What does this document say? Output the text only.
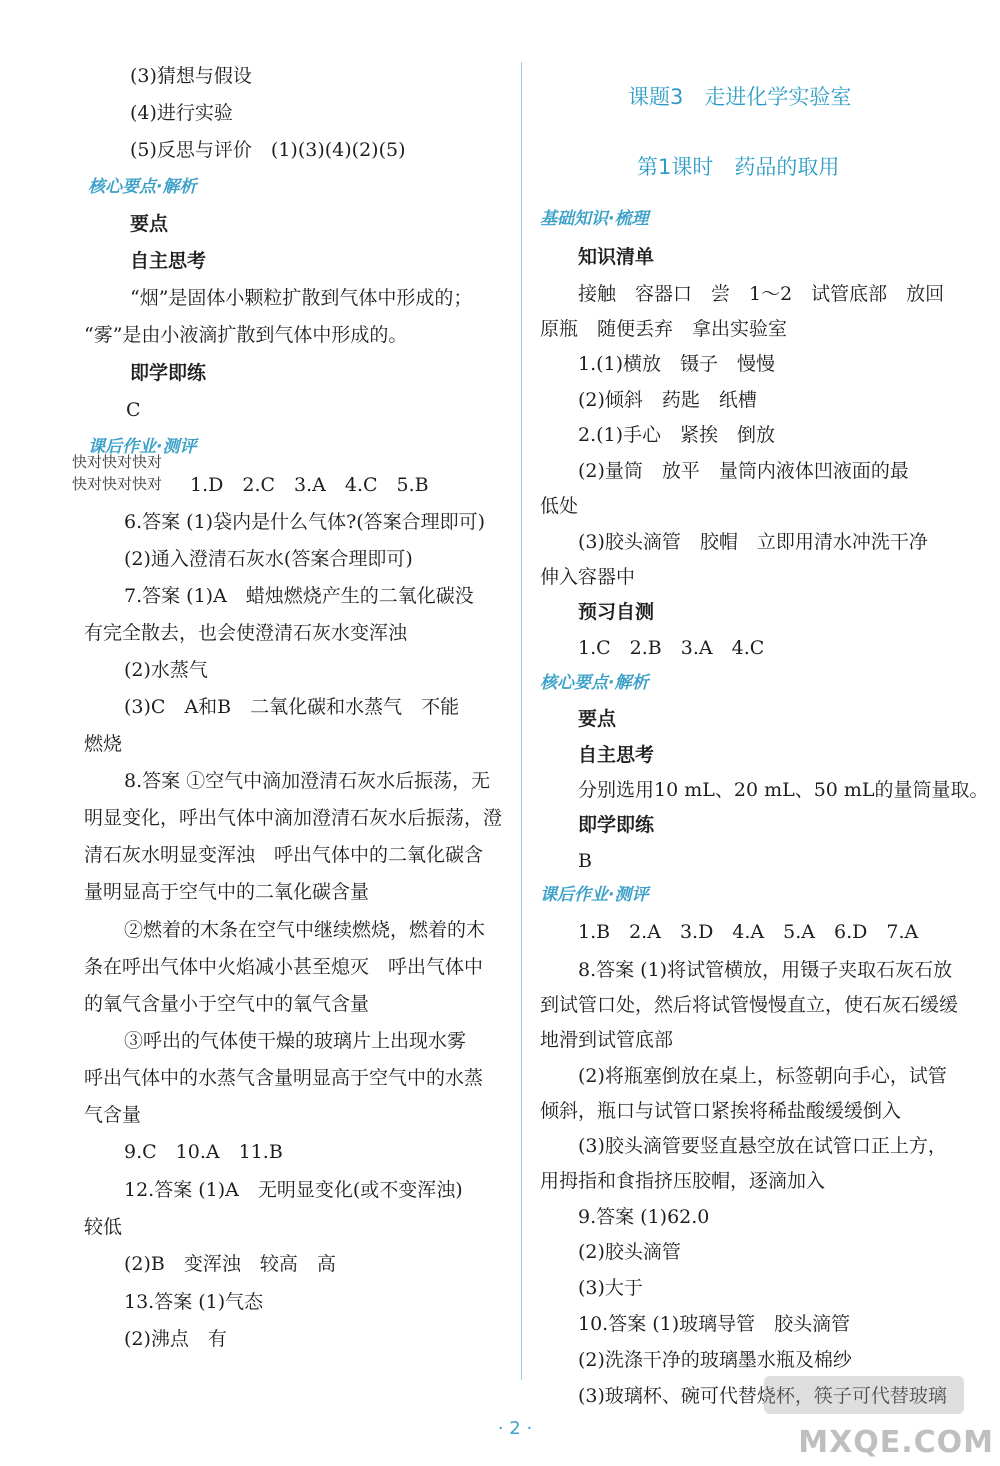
(3)猜想与假设
(4)进行实验
(5)反思与评价　(1)(3)(4)(2)(5)
核心要点·解析
要点
自主思考
“烟”是固体小颗粒扩散到气体中形成的；
“雾”是由小液滴扩散到气体中形成的。
即学即练
C
课后作业·测评
快对快对快对
快对快对快对 1.D　2.C　3.A　4.C　5.B
6.答案 (1)袋内是什么气体?(答案合理即可)
(2)通入澄清石灰水(答案合理即可)
7.答案 (1)A　蜡烛燃烧产生的二氧化碳没
有完全散去，也会使澄清石灰水变浑浊
(2)水蒸气
(3)C　A和B　二氧化碳和水蒸气　不能
燃烧
8.答案 ①空气中滴加澄清石灰水后振荡，无
明显变化，呼出气体中滴加澄清石灰水后振荡，澄
清石灰水明显变浑浊　呼出气体中的二氧化碳含
量明显高于空气中的二氧化碳含量
②燃着的木条在空气中继续燃烧，燃着的木
条在呼出气体中火焰减小甚至熄灭　呼出气体中
的氧气含量小于空气中的氧气含量
③呼出的气体使干燥的玻璃片上出现水雾
呼出气体中的水蒸气含量明显高于空气中的水蒸
气含量
9.C　10.A　11.B
12.答案 (1)A　无明显变化(或不变浑浊)
较低
(2)B　变浑浊　较高　高
13.答案 (1)气态
(2)沸点　有
课题3　走进化学实验室
第1课时　药品的取用
基础知识·梳理
知识清单
接触　容器口　尝　1～2　试管底部　放回
原瓶　随便丢弃　拿出实验室
1.(1)横放　镊子　慢慢
(2)倾斜　药匙　纸槽
2.(1)手心　紧挨　倒放
(2)量筒　放平　量筒内液体凹液面的最
低处
(3)胶头滴管　胶帽　立即用清水冲洗干净
伸入容器中
预习自测
1.C　2.B　3.A　4.C
核心要点·解析
要点
自主思考
分别选用10 mL、20 mL、50 mL的量筒量取。
即学即练
B
课后作业·测评
1.B　2.A　3.D　4.A　5.A　6.D　7.A
8.答案 (1)将试管横放，用镊子夹取石灰石放
到试管口处，然后将试管慢慢直立，使石灰石缓缓
地滑到试管底部
(2)将瓶塞倒放在桌上，标签朝向手心，试管
倾斜，瓶口与试管口紧挨将稀盐酸缓缓倒入
(3)胶头滴管要竖直悬空放在试管口正上方，
用拇指和食指挤压胶帽，逐滴加入
9.答案 (1)62.0
(2)胶头滴管
(3)大于
10.答案 (1)玻璃导管　胶头滴管
(2)洗涤干净的玻璃墨水瓶及棉纱
(3)玻璃杯、碗可代替烧杯，筷子可代替玻璃
· 2 ·	MXQE.COM
